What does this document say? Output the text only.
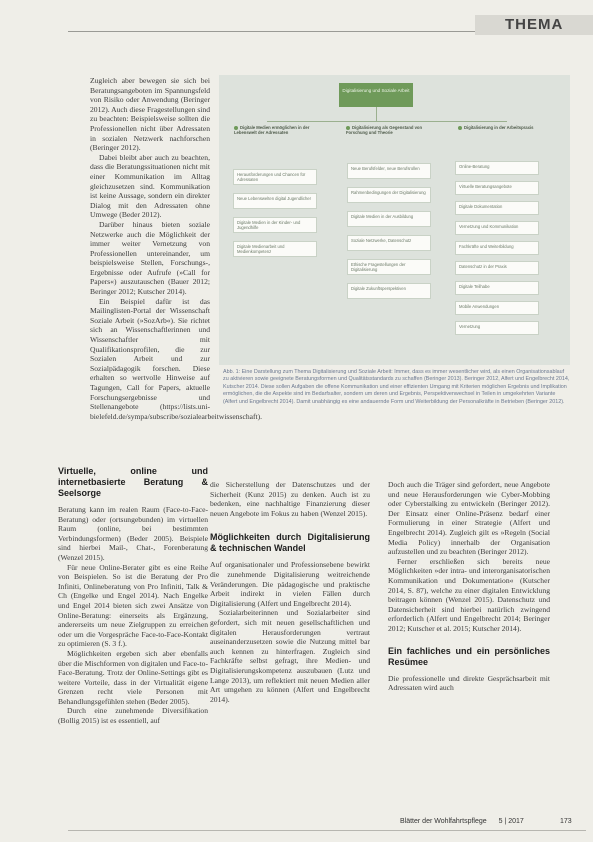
THEMA

Zugleich aber bewegen sie sich bei Beratungsangeboten im Spannungsfeld von Risiko oder Anwendung (Beringer 2012). Auch diese Fragestellungen sind zu beachten: Beispielsweise sollten die Professionellen nicht über Adressaten in sozialen Netzwerk nachforschen (Beringer 2012).

Dabei bleibt aber auch zu beachten, dass die Beratungssituationen nicht mit einer Kommunikation im Alltag gleichzusetzen sind. Kommunikation ist keine Aussage, sondern ein direkter Dialog mit den Adressaten ohne Umwege (Beder 2012).

Darüber hinaus bieten soziale Netzwerke auch die Möglichkeit der immer weiter Vernetzung von Professionellen untereinander, um beispielsweise Stellen, Forschungs-, Ergebnisse oder Aufrufe (»Call for Papers«) auszutauschen (Bauer 2012; Beringer 2012; Kutscher 2014).

Ein Beispiel dafür ist das Mailinglisten-Portal der Wissenschaft Soziale Arbeit (»SozArb«). Sie richtet sich an Wissenschaftlerinnen und Wissenschaftler mit Qualifikationsprofilen, die zur Sozialen Arbeit und zur Sozialpädagogik forschen. Diese erhalten so wertvolle Hinweise auf Tagungen, Call for Papers, aktuelle Forschungsergebnisse und Stellenangebote (https://lists.uni-bielefeld.de/sympa/subscribe/sozialearbeitwissenschaft).

Virtuelle, online und internetbasierte Beratung & Seelsorge

Beratung kann im realen Raum (Face-to-Face-Beratung) oder (ortsungebunden) im virtuellen Raum (online, bei bestimmten Verbindungsformen) (Beder 2005). Beispiele sind hierbei Mail-, Chat-, Forenberatung (Wenzel 2015).

Für neue Online-Berater gibt es eine Reihe von Beispielen. So ist die Beratung der Pro Infiniti, Onlineberatung von Pro Infiniti, Talk & Ch (Engelke und Engel 2014). Nach Engelke und Engel 2014 bieten sich zwei Ansätze von Online-Beratung: einerseits als Ergänzung, andererseits um neue Zielgruppen zu erreichen oder um die Vorgespräche Face-to-Face-Kontakt zu optimieren (S. 3 f.).

Möglichkeiten ergeben sich aber ebenfalls über die Mischformen von digitalen und Face-to-Face-Beratung. Trotz der Online-Settings gibt es weitere Vorteile, dass in der Virtualität eigene Grenzen recht viele Personen mit Behandlungsgefühlen stehen (Beder 2005).

Durch eine zunehmende Diversifikation (Bollig 2015) ist es essentiell, auf

Digitalisierung und Soziale Arbeit
Digitale Medien ermöglichen in der Lebenswelt der Adressaten
Digitalisierung als Gegenstand von Forschung und Theorie
Digitalisierung in der Arbeitspraxis
Herausforderungen und Chancen für Adressaten
Neue Lebenswelten digital Jugendlicher
Digitale Medien in der Kinder- und Jugendhilfe
Digitale Medienarbeit und Medienkompetenz
Neue Berufsfelder, neue Berufsrollen
Rahmenbedingungen der Digitalisierung
Digitale Medien in der Ausbildung
Soziale Netzwerke, Datenschutz
Ethische Fragestellungen der Digitalisierung
Digitale Zukunftsperspektiven
Online-Beratung
Virtuelle Beratungsangebote
Digitale Dokumentation
Vernetzung und Kommunikation
Fachkräfte und Weiterbildung
Datenschutz in der Praxis
Digitale Teilhabe
Mobile Anwendungen
Vernetzung
Abb. 1: Eine Darstellung zum Thema Digitalisierung und Soziale Arbeit: Immer, dass es immer wesentlicher wird, als einen Organisationsablauf zu aktivieren sowie geeignete Beratungsformen und Qualitätsstandards zu schaffen (Beringer 2013). Beringer 2012, Alfert und Engelbrecht 2014, Kutscher 2014. Diese sollen Aufgaben die offene Kommunikation und einer effizienten Umgang mit Kriterien möglichen Ergebnis und Implikation ermöglichen, die die Aspekte sind im Bedarfsalter, sondern um deren und Ergebnis, Perspektivenwechsel in Teilen in umgekehrten Variante (Alfert und Engelbrecht 2014). Damit unabhängig es eine andauernde Form und Weiterbildung der Personalkräfte in Betrieben (Beringer 2012).

die Sicherstellung der Datenschutzes und der Sicherheit (Kunz 2015) zu denken. Auch ist zu bedenken, eine nachhaltige Finanzierung dieser neuen Angebote im Fokus zu haben (Wenzel 2015).

Möglichkeiten durch Digitalisierung & technischen Wandel

Auf organisationaler und Professionsebene bewirkt die zunehmende Digitalisierung weitreichende Veränderungen. Die pädagogische und praktische Arbeit indirekt in vielen Fällen durch Digitalisierung (Alfert und Engelbrecht 2014).

Sozialarbeiterinnen und Sozialarbeiter sind gefordert, sich mit neuen gesellschaftlichen und digitalen Herausforderungen vertraut auseinanderzusetzen sowie die Nutzung mittel bar auch kennen zu hinterfragen. Zugleich sind Fachkräfte selbst gefragt, ihre Medien- und Digitalisierungskompetenz auszubauen (Lutz und Lange 2013), um reflektiert mit neuen Medien aller Art umgehen zu können (Alfert und Engelbrecht 2014).

Doch auch die Träger sind gefordert, neue Angebote und neue Herausforderungen wie Cyber-Mobbing oder Cyberstalking zu entwickeln (Beringer 2012). Der Einsatz einer Online-Präsenz bedarf einer Formulierung in einer Strategie (Alfert und Engelbrecht 2014). Zugleich gilt es »Regeln (Social Media Policy) innerhalb der Organisation aufzustellen und zu beachten (Beringer 2012).

Ferner erschließen sich bereits neue Möglichkeiten »der intra- und interorganisatorischen Kommunikation und Dokumentation« (Kutscher 2014, S. 87), welche zu einer digitalen Entwicklung beitragen können (Wenzel 2015). Datenschutz und Datensicherheit sind hierbei natürlich zwingend erforderlich (Alfert und Engelbrecht 2014; Beringer 2012; Kutscher et al. 2015; Kutscher 2014).

Ein fachliches und ein persönliches Resümee

Die professionelle und direkte Gesprächsarbeit mit Adressaten wird auch

Blätter der Wohlfahrtspflege 5 | 2017	173
